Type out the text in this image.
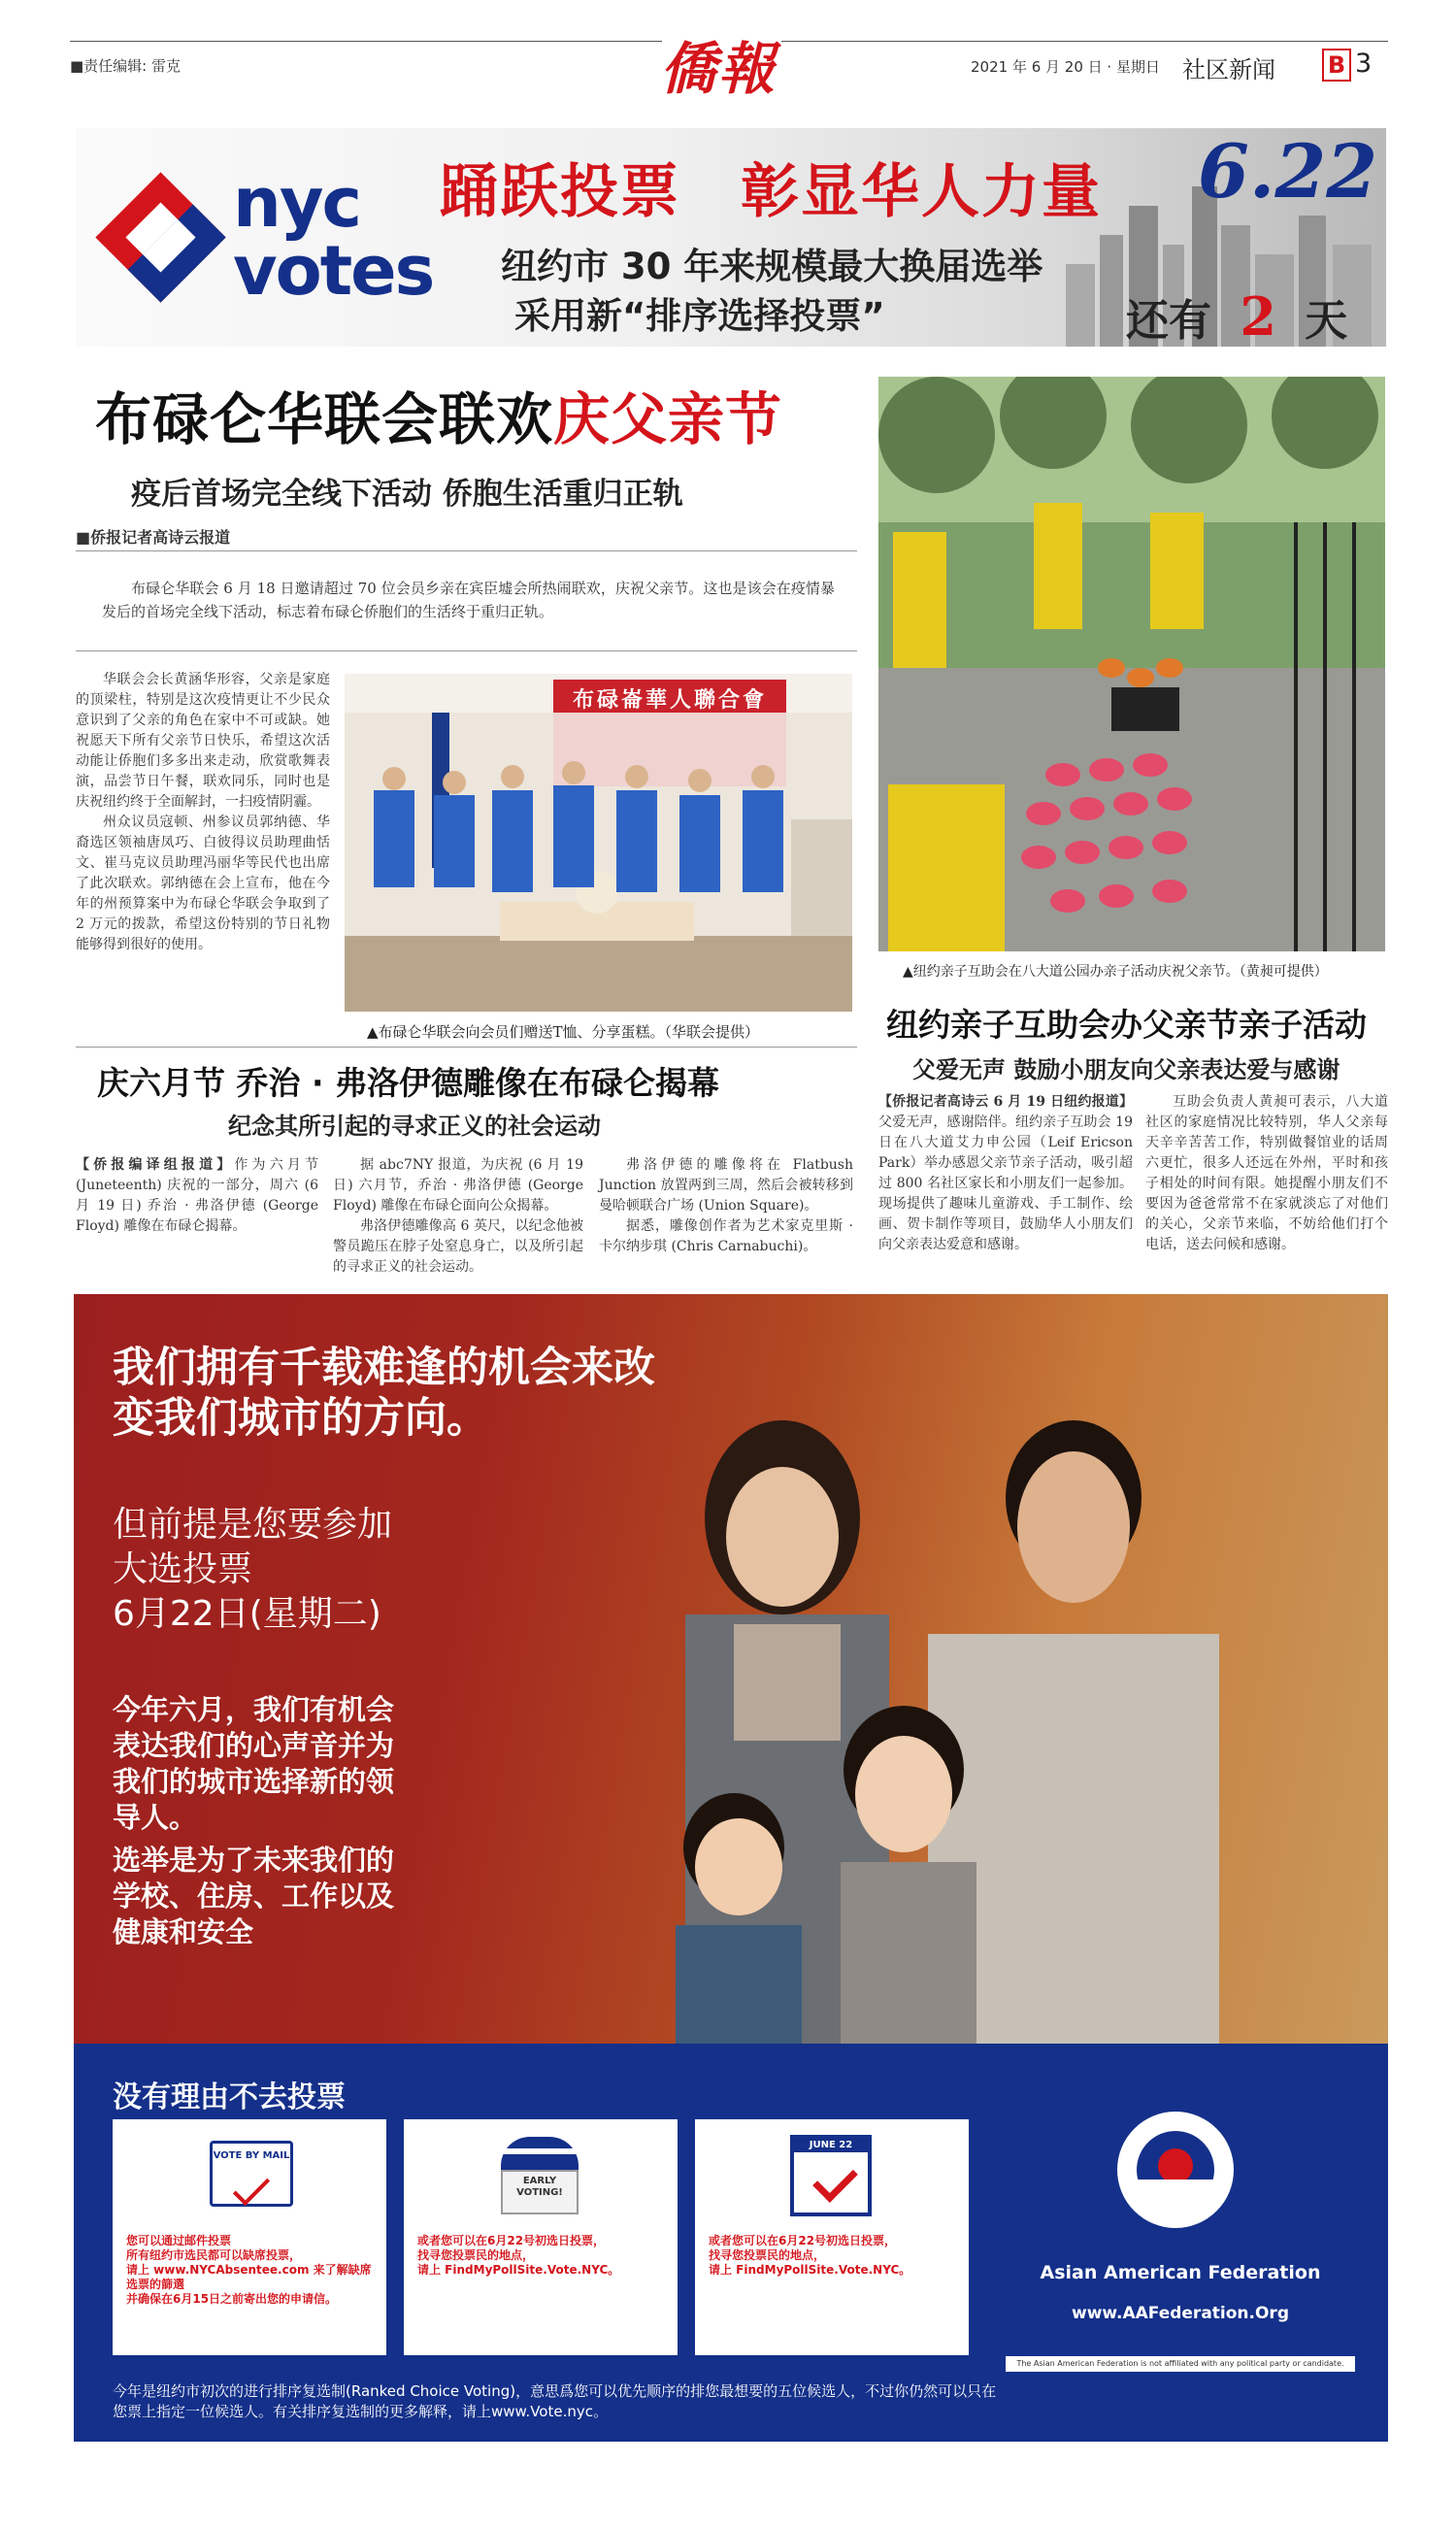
■责任编辑: 雷克	僑報	2021 年 6 月 20 日 · 星期日 社区新闻 B 3
nyc
votes
踊跃投票　彰显华人力量 6.22
纽约市 30 年来规模最大换届选举
采用新“排序选择投票”	还有 2 天
布碌仑华联会联欢庆父亲节
疫后首场完全线下活动 侨胞生活重归正轨
■侨报记者高诗云报道
布碌仑华联会 6 月 18 日邀请超过 70 位会员乡亲在宾臣墟会所热闹联欢，庆祝父亲节。这也是该会在疫情暴发后的首场完全线下活动，标志着布碌仑侨胞们的生活终于重归正轨。

华联会会长黄涵华形容，父亲是家庭的顶梁柱，特别是这次疫情更让不少民众意识到了父亲的角色在家中不可或缺。她祝愿天下所有父亲节日快乐，希望这次活动能让侨胞们多多出来走动，欣赏歌舞表演，品尝节日午餐，联欢同乐，同时也是庆祝纽约终于全面解封，一扫疫情阴霾。

州众议员寇顿、州参议员郭纳德、华裔选区领袖唐凤巧、白彼得议员助理曲恬文、崔马克议员助理冯丽华等民代也出席了此次联欢。郭纳德在会上宣布，他在今年的州预算案中为布碌仑华联会争取到了 2 万元的拨款，希望这份特别的节日礼物能够得到很好的使用。

布碌崙華人聯合會
▲布碌仑华联会向会员们赠送T恤、分享蛋糕。（华联会提供）
▲纽约亲子互助会在八大道公园办亲子活动庆祝父亲节。（黄昶可提供）
纽约亲子互助会办父亲节亲子活动
父爱无声 鼓励小朋友向父亲表达爱与感谢
【侨报记者高诗云 6 月 19 日纽约报道】父爱无声，感谢陪伴。纽约亲子互助会 19 日在八大道艾力申公园（Leif Ericson Park）举办感恩父亲节亲子活动，吸引超过 800 名社区家长和小朋友们一起参加。现场提供了趣味儿童游戏、手工制作、绘画、贺卡制作等项目，鼓励华人小朋友们向父亲表达爱意和感谢。

互助会负责人黄昶可表示，八大道社区的家庭情况比较特别，华人父亲每天辛辛苦苦工作，特别做餐馆业的话周六更忙，很多人还远在外州，平时和孩子相处的时间有限。她提醒小朋友们不要因为爸爸常常不在家就淡忘了对他们的关心，父亲节来临，不妨给他们打个电话，送去问候和感谢。

庆六月节 乔治 · 弗洛伊德雕像在布碌仑揭幕
纪念其所引起的寻求正义的社会运动
【侨报编译组报道】作为六月节 (Juneteenth) 庆祝的一部分，周六 (6 月 19 日) 乔治 · 弗洛伊德 (George Floyd) 雕像在布碌仑揭幕。

据 abc7NY 报道，为庆祝 (6 月 19 日) 六月节，乔治 · 弗洛伊德 (George Floyd) 雕像在布碌仑面向公众揭幕。

弗洛伊德雕像高 6 英尺，以纪念他被警员跪压在脖子处窒息身亡，以及所引起的寻求正义的社会运动。

弗洛伊德的雕像将在 Flatbush Junction 放置两到三周，然后会被转移到曼哈顿联合广场 (Union Square)。

据悉，雕像创作者为艺术家克里斯 · 卡尔纳步琪 (Chris Carnabuchi)。

我们拥有千载难逢的机会来改变我们城市的方向。
但前提是您要参加
大选投票
6月22日(星期二)
今年六月，我们有机会表达我们的心声音并为我们的城市选择新的领导人。
选举是为了未来我们的学校、住房、工作以及健康和安全
没有理由不去投票
VOTE BY MAIL
您可以通过邮件投票
所有纽约市选民都可以缺席投票，
请上 www.NYCAbsentee.com 来了解缺席选票的篩選
并确保在6月15日之前寄出您的申请信。
EARLY VOTING!
或者您可以在6月22号初选日投票，
找寻您投票民的地点，
请上 FindMyPollSite.Vote.NYC。
JUNE 22
或者您可以在6月22号初选日投票，
找寻您投票民的地点，
请上 FindMyPollSite.Vote.NYC。	Asian American Federation
www.AAFederation.Org
The Asian American Federation is not affiliated with any political party or candidate.
今年是纽约市初次的进行排序复选制(Ranked Choice Voting)，意思爲您可以优先顺序的排您最想要的五位候选人，不过你仍然可以只在您票上指定一位候选人。有关排序复选制的更多解释，请上www.Vote.nyc。
